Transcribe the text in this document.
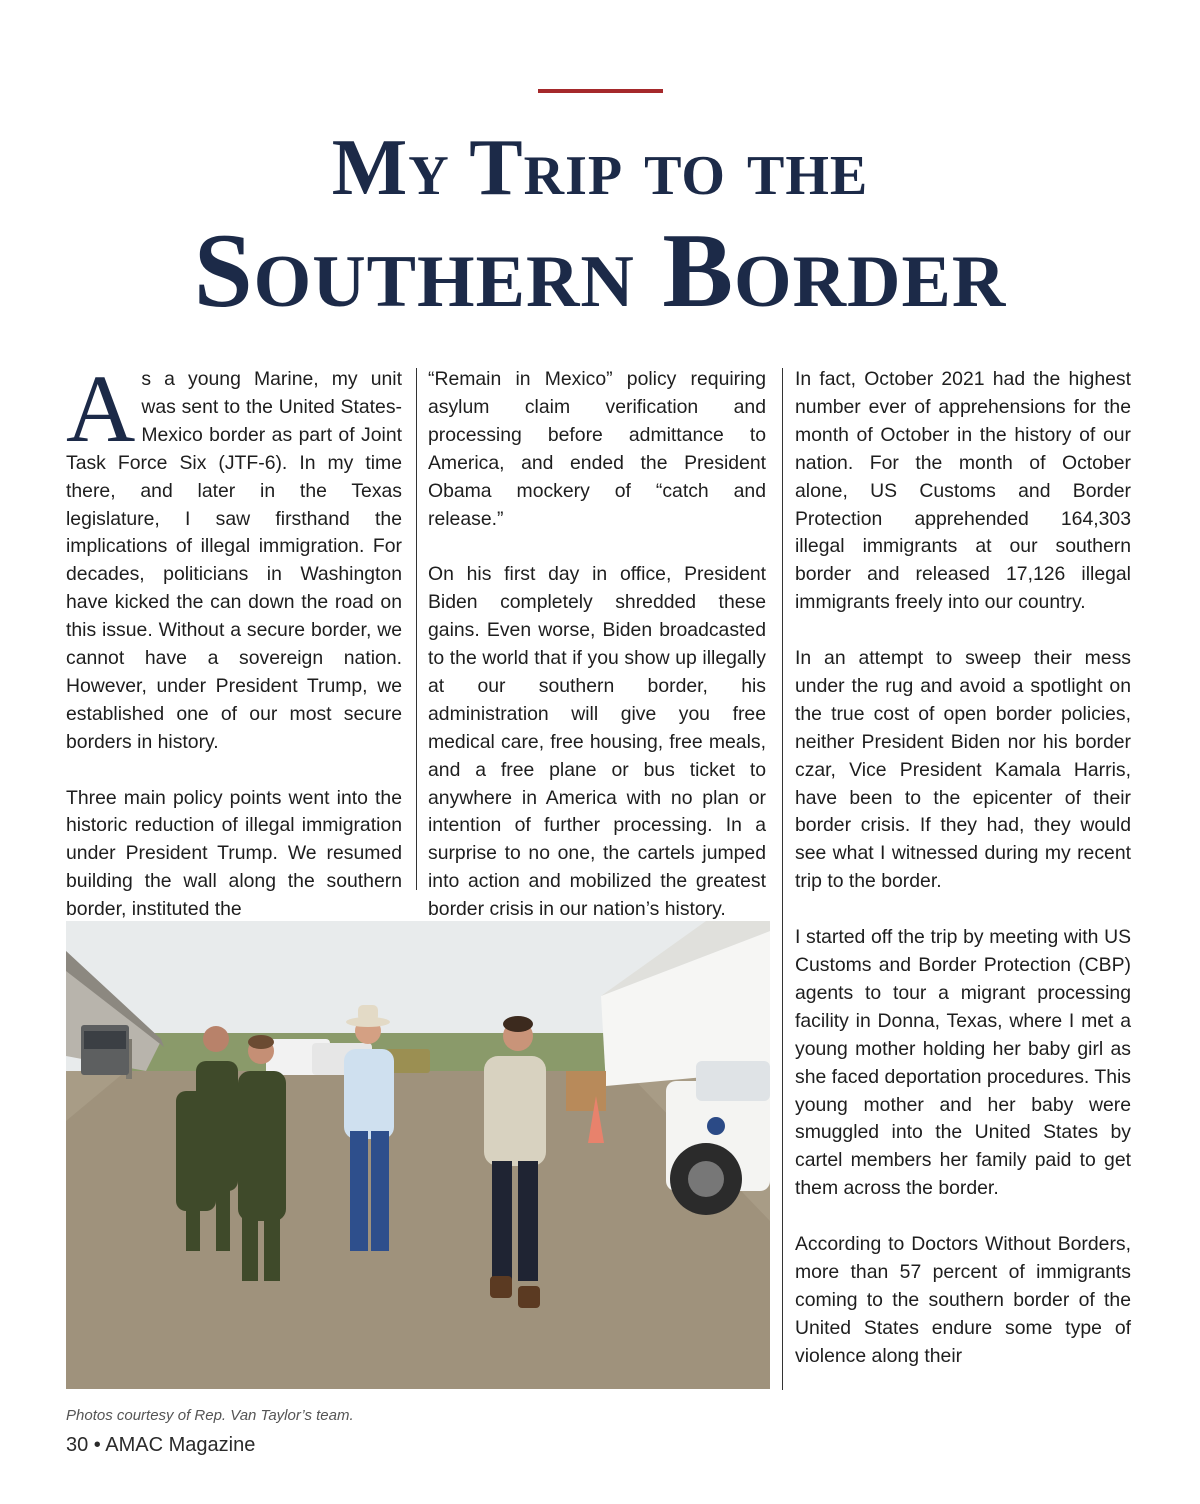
My Trip to the
Southern Border

As a young Marine, my unit was sent to the United States-Mexico border as part of Joint Task Force Six (JTF-6). In my time there, and later in the Texas legislature, I saw firsthand the implications of illegal immigration. For decades, politicians in Washington have kicked the can down the road on this issue. Without a secure border, we cannot have a sovereign nation. However, under President Trump, we established one of our most secure borders in history.

Three main policy points went into the historic reduction of illegal immigration under President Trump. We resumed building the wall along the southern border, instituted the

“Remain in Mexico” policy requiring asylum claim verification and processing before admittance to America, and ended the President Obama mockery of “catch and release.”

On his first day in office, President Biden completely shredded these gains. Even worse, Biden broadcasted to the world that if you show up illegally at our southern border, his administration will give you free medical care, free housing, free meals, and a free plane or bus ticket to anywhere in America with no plan or intention of further processing. In a surprise to no one, the cartels jumped into action and mobilized the greatest border crisis in our nation’s history.

In fact, October 2021 had the highest number ever of apprehensions for the month of October in the history of our nation. For the month of October alone, US Customs and Border Protection apprehended 164,303 illegal immigrants at our southern border and released 17,126 illegal immigrants freely into our country.

In an attempt to sweep their mess under the rug and avoid a spotlight on the true cost of open border policies, neither President Biden nor his border czar, Vice President Kamala Harris, have been to the epicenter of their border crisis. If they had, they would see what I witnessed during my recent trip to the border.

I started off the trip by meeting with US Customs and Border Protection (CBP) agents to tour a migrant processing facility in Donna, Texas, where I met a young mother holding her baby girl as she faced deportation procedures. This young mother and her baby were smuggled into the United States by cartel members her family paid to get them across the border.

According to Doctors Without Borders, more than 57 percent of immigrants coming to the southern border of the United States endure some type of violence along their

Photos courtesy of Rep. Van Taylor’s team.
30 • AMAC Magazine
